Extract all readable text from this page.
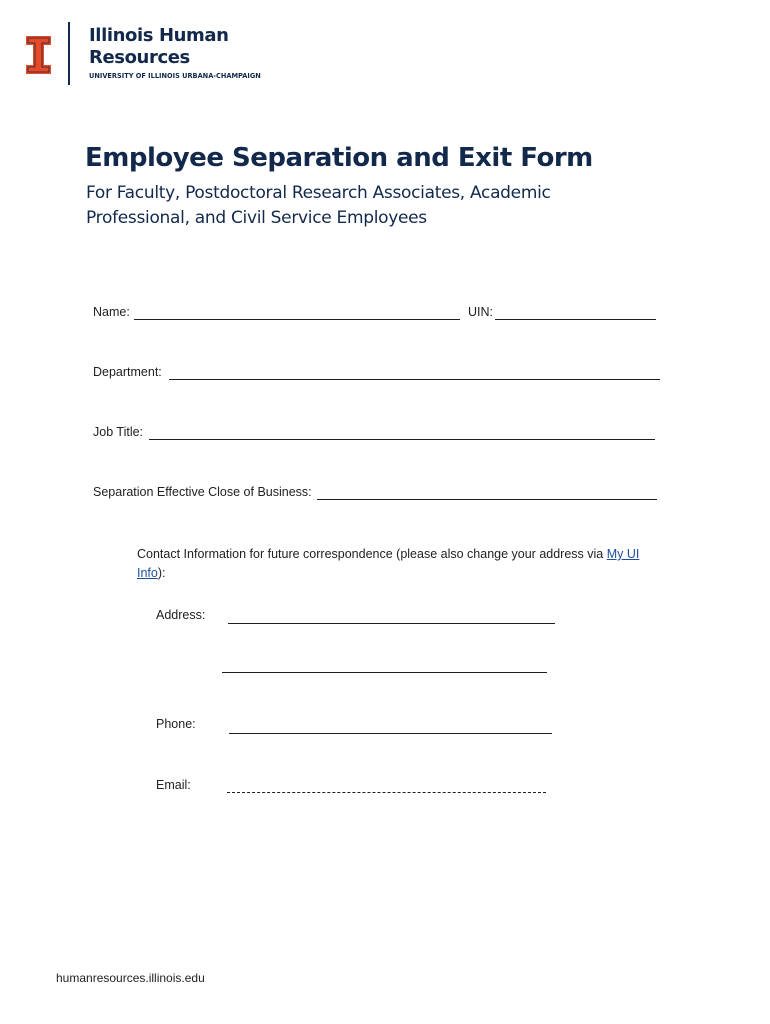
Illinois Human
Resources
UNIVERSITY OF ILLINOIS URBANA-CHAMPAIGN
Employee Separation and Exit Form
For Faculty, Postdoctoral Research Associates, Academic Professional, and Civil Service Employees
Name:	UIN:
Department:
Job Title:
Separation Effective Close of Business:
Contact Information for future correspondence (please also change your address via My UI Info):
Address:
Phone:
Email:
humanresources.illinois.edu
